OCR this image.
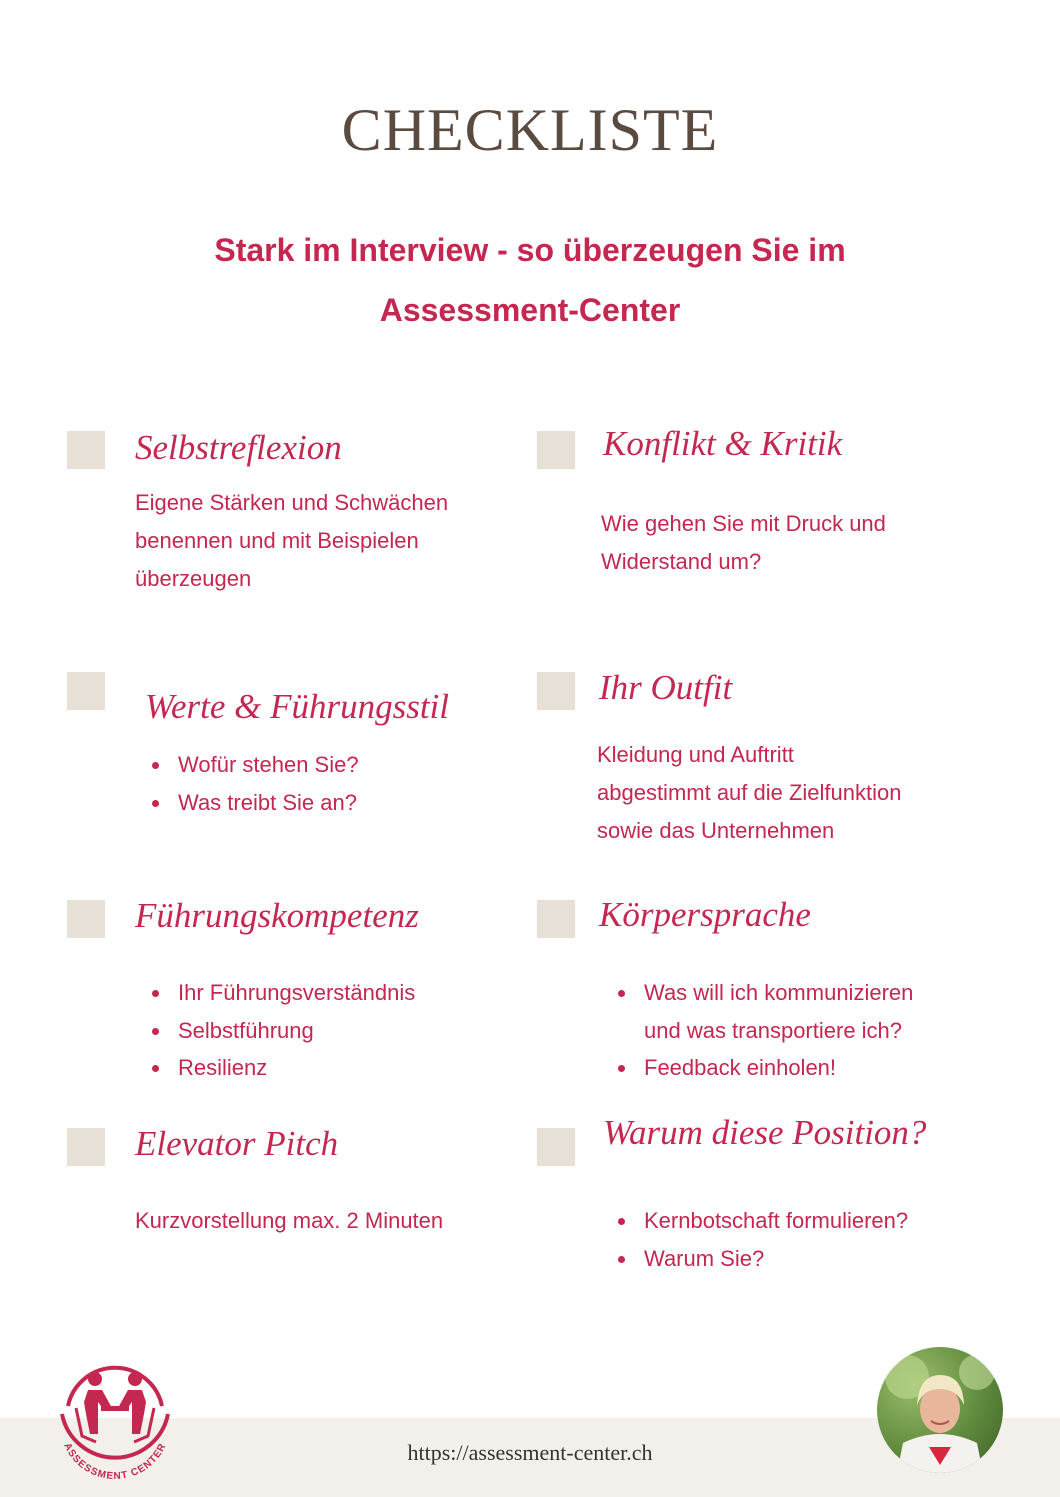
CHECKLISTE
Stark im Interview - so überzeugen Sie im
Assessment-Center
Selbstreflexion
Eigene Stärken und Schwächen
benennen und mit Beispielen
überzeugen
Konflikt & Kritik
Wie gehen Sie mit Druck und
Widerstand um?
Werte & Führungsstil
Wofür stehen Sie?
Was treibt Sie an?
Ihr Outfit
Kleidung und Auftritt
abgestimmt auf die Zielfunktion
sowie das Unternehmen
Führungskompetenz
Ihr Führungsverständnis
Selbstführung
Resilienz
Körpersprache
Was will ich kommunizieren
und was transportiere ich?
Feedback einholen!
Elevator Pitch
Kurzvorstellung max. 2 Minuten
Warum diese Position?
Kernbotschaft formulieren?
Warum Sie?
https://assessment-center.ch
ASSESSMENT CENTER
